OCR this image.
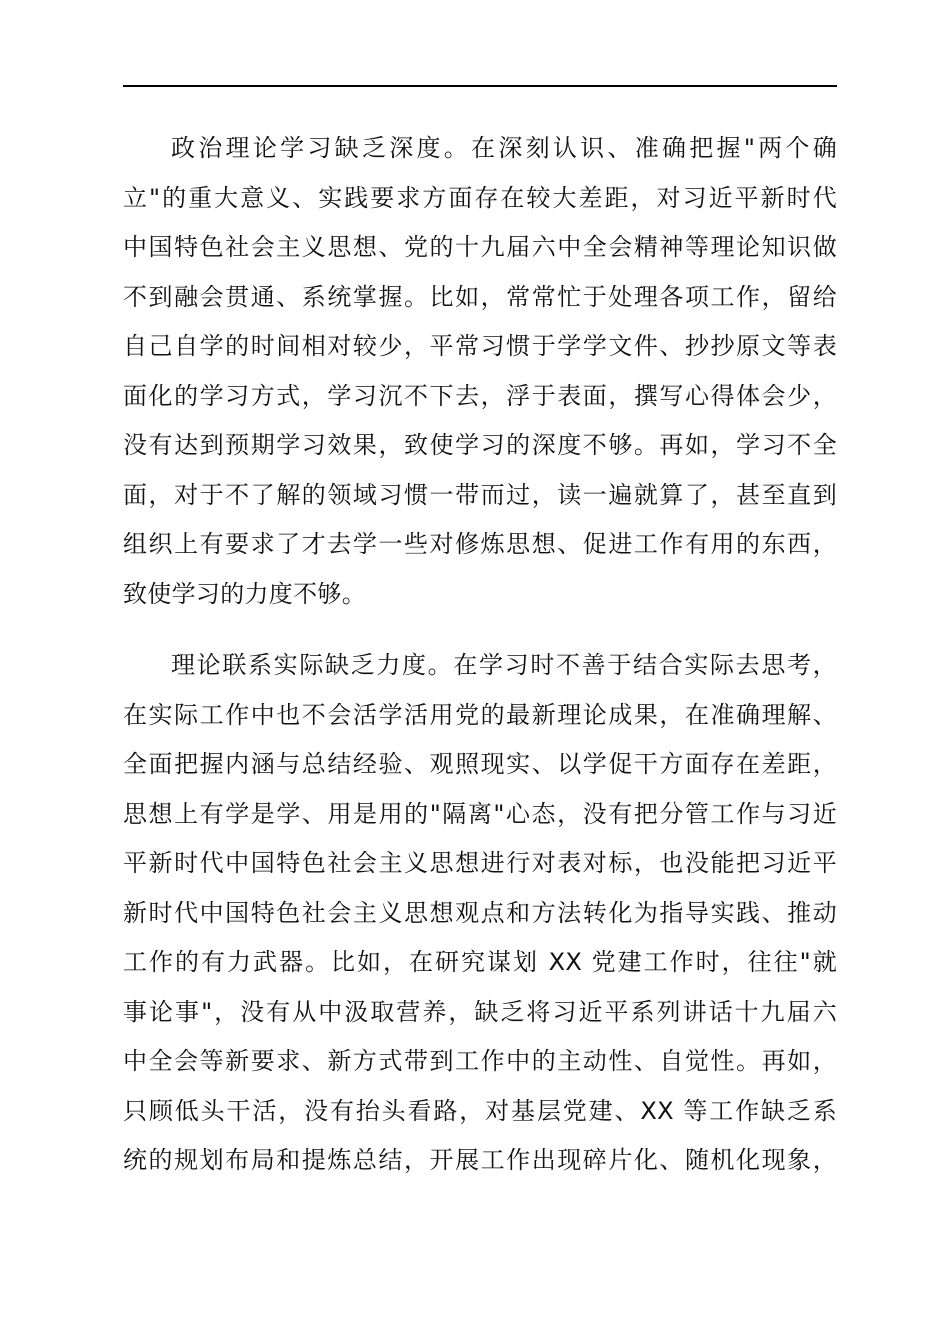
政治理论学习缺乏深度。在深刻认识、准确把握"两个确
立"的重大意义、实践要求方面存在较大差距，对习近平新时代
中国特色社会主义思想、党的十九届六中全会精神等理论知识做
不到融会贯通、系统掌握。比如，常常忙于处理各项工作，留给
自己自学的时间相对较少，平常习惯于学学文件、抄抄原文等表
面化的学习方式，学习沉不下去，浮于表面，撰写心得体会少，
没有达到预期学习效果，致使学习的深度不够。再如，学习不全
面，对于不了解的领域习惯一带而过，读一遍就算了，甚至直到
组织上有要求了才去学一些对修炼思想、促进工作有用的东西，
致使学习的力度不够。

理论联系实际缺乏力度。在学习时不善于结合实际去思考，
在实际工作中也不会活学活用党的最新理论成果，在准确理解、
全面把握内涵与总结经验、观照现实、以学促干方面存在差距，
思想上有学是学、用是用的"隔离"心态，没有把分管工作与习近
平新时代中国特色社会主义思想进行对表对标，也没能把习近平
新时代中国特色社会主义思想观点和方法转化为指导实践、推动
工作的有力武器。比如，在研究谋划 XX 党建工作时，往往"就
事论事"，没有从中汲取营养，缺乏将习近平系列讲话十九届六
中全会等新要求、新方式带到工作中的主动性、自觉性。再如，
只顾低头干活，没有抬头看路，对基层党建、XX 等工作缺乏系
统的规划布局和提炼总结，开展工作出现碎片化、随机化现象，
